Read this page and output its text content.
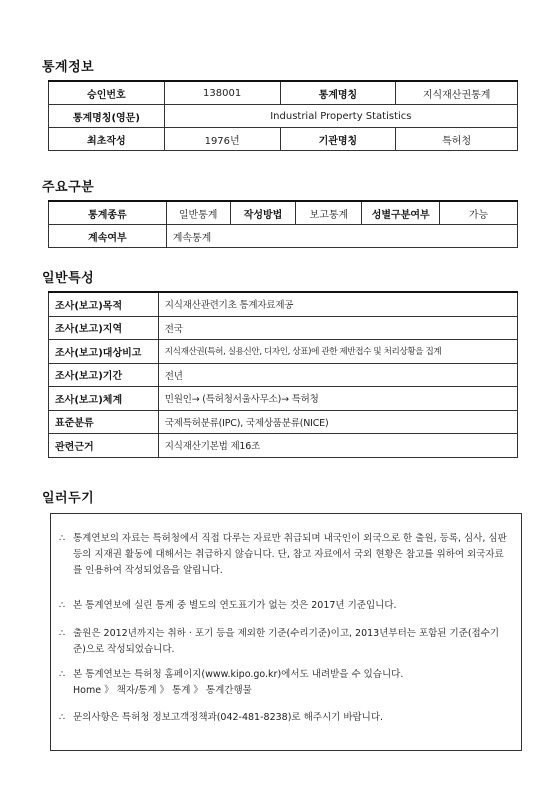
통계정보
승인번호	138001	통계명칭	지식재산권통계
통계명칭(영문)	Industrial Property Statistics		
최초작성	1976년	기관명칭	특허청
주요구분
통계종류	일반통계	작성방법	보고통계	성별구분여부	가능
계속여부	계속통계				
일반특성
조사(보고)목적	지식재산관련기초 통계자료제공
조사(보고)지역	전국
조사(보고)대상비고	지식재산권(특허, 실용신안, 디자인, 상표)에 관한 제반접수 및 처리상황을 집계
조사(보고)기간	전년
조사(보고)체계	민원인→ (특허청서울사무소)→ 특허청
표준분류	국제특허분류(IPC), 국제상품분류(NICE)
관련근거	지식재산기본법 제16조
일러두기
∴ 통계연보의 자료는 특허청에서 직접 다루는 자료만 취급되며 내국인이 외국으로 한 출원, 등록, 심사, 심판 등의 지재권 활동에 대해서는 취급하지 않습니다. 단, 참고 자료에서 국외 현황은 참고를 위하여 외국자료를 인용하여 작성되었음을 알립니다.
∴ 본 통계연보에 실린 통계 중 별도의 연도표기가 없는 것은 2017년 기준입니다.
∴ 출원은 2012년까지는 취하 · 포기 등을 제외한 기준(수리기준)이고, 2013년부터는 포함된 기준(접수기준)으로 작성되었습니다.
∴ 본 통계연보는 특허청 홈페이지(www.kipo.go.kr)에서도 내려받을 수 있습니다.
Home 》 책자/통계 》 통계 》 통계간행물
∴ 문의사항은 특허청 정보고객정책과(042-481-8238)로 해주시기 바랍니다.
